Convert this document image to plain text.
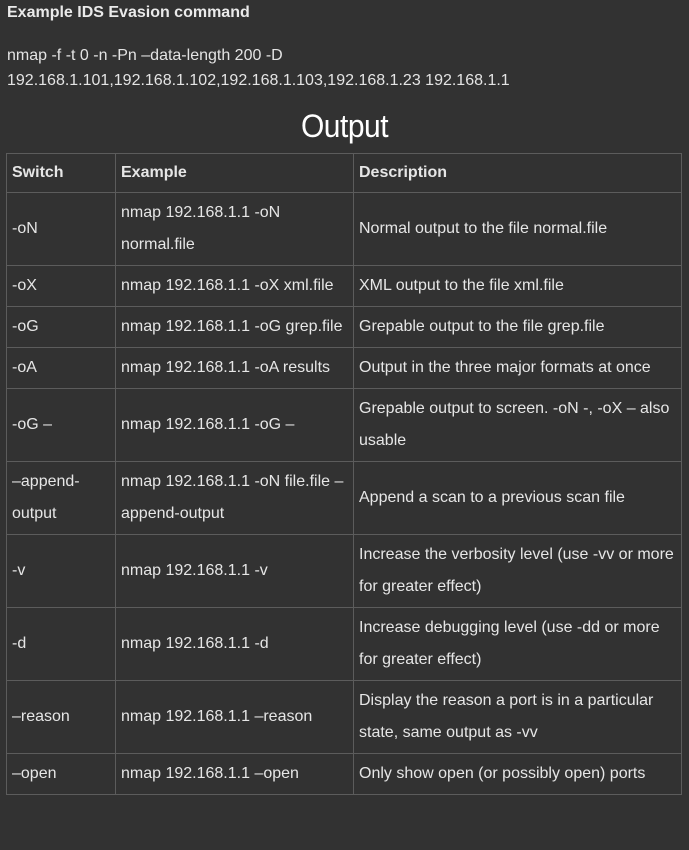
Example IDS Evasion command

nmap -f -t 0 -n -Pn –data-length 200 -D
192.168.1.101,192.168.1.102,192.168.1.103,192.168.1.23 192.168.1.1

Output
Switch	Example	Description
-oN	nmap 192.168.1.1 -oN normal.file	Normal output to the file normal.file
-oX	nmap 192.168.1.1 -oX xml.file	XML output to the file xml.file
-oG	nmap 192.168.1.1 -oG grep.file	Grepable output to the file grep.file
-oA	nmap 192.168.1.1 -oA results	Output in the three major formats at once
-oG –	nmap 192.168.1.1 -oG –	Grepable output to screen. -oN -, -oX – also usable
–append-output	nmap 192.168.1.1 -oN file.file –append-output	Append a scan to a previous scan file
-v	nmap 192.168.1.1 -v	Increase the verbosity level (use -vv or more for greater effect)
-d	nmap 192.168.1.1 -d	Increase debugging level (use -dd or more for greater effect)
–reason	nmap 192.168.1.1 –reason	Display the reason a port is in a particular state, same output as -vv
–open	nmap 192.168.1.1 –open	Only show open (or possibly open) ports
